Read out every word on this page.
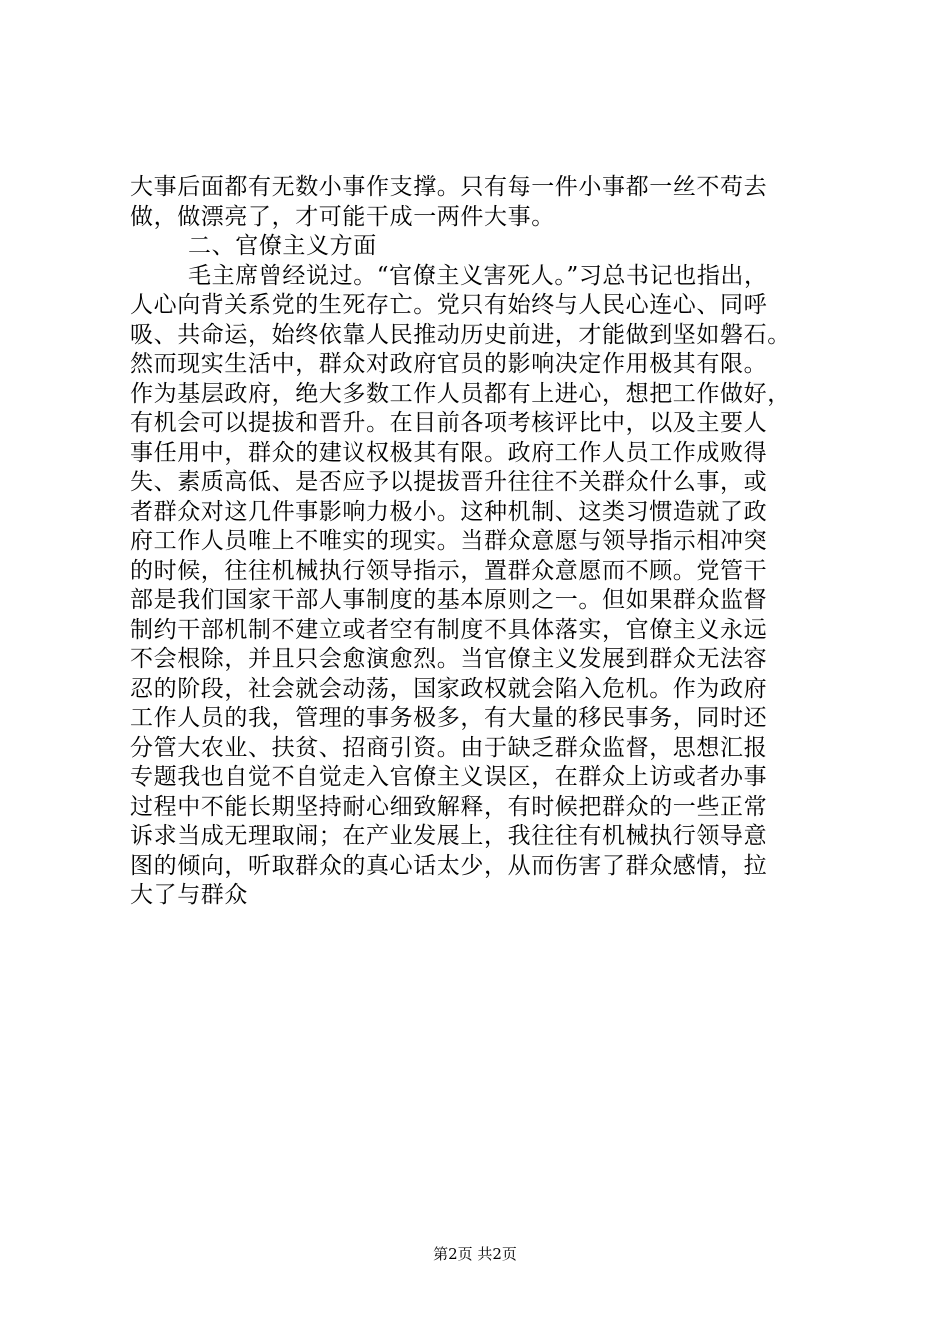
大事后面都有无数小事作支撑。只有每一件小事都一丝不苟去
做，做漂亮了，才可能干成一两件大事。
二、官僚主义方面
毛主席曾经说过。“官僚主义害死人。”习总书记也指出，
人心向背关系党的生死存亡。党只有始终与人民心连心、同呼
吸、共命运，始终依靠人民推动历史前进，才能做到坚如磐石。
然而现实生活中，群众对政府官员的影响决定作用极其有限。
作为基层政府，绝大多数工作人员都有上进心，想把工作做好，
有机会可以提拔和晋升。在目前各项考核评比中，以及主要人
事任用中，群众的建议权极其有限。政府工作人员工作成败得
失、素质高低、是否应予以提拔晋升往往不关群众什么事，或
者群众对这几件事影响力极小。这种机制、这类习惯造就了政
府工作人员唯上不唯实的现实。当群众意愿与领导指示相冲突
的时候，往往机械执行领导指示，置群众意愿而不顾。党管干
部是我们国家干部人事制度的基本原则之一。但如果群众监督
制约干部机制不建立或者空有制度不具体落实，官僚主义永远
不会根除，并且只会愈演愈烈。当官僚主义发展到群众无法容
忍的阶段，社会就会动荡，国家政权就会陷入危机。作为政府
工作人员的我，管理的事务极多，有大量的移民事务，同时还
分管大农业、扶贫、招商引资。由于缺乏群众监督，思想汇报
专题我也自觉不自觉走入官僚主义误区，在群众上访或者办事
过程中不能长期坚持耐心细致解释，有时候把群众的一些正常
诉求当成无理取闹；在产业发展上，我往往有机械执行领导意
图的倾向，听取群众的真心话太少，从而伤害了群众感情，拉
大了与群众
第2页 共2页
